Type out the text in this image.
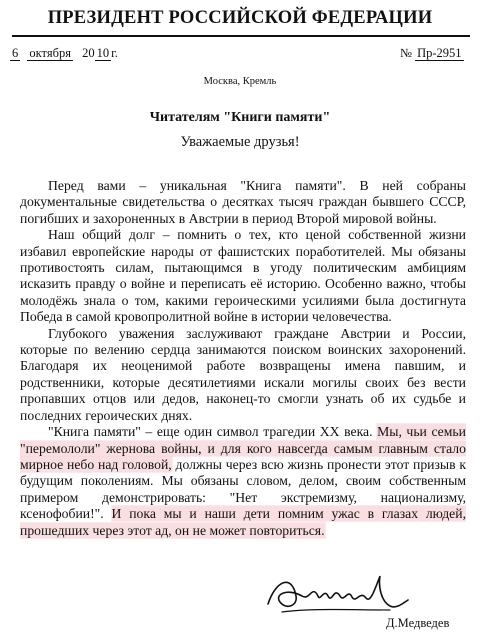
ПРЕЗИДЕНТ РОССИЙСКОЙ ФЕДЕРАЦИИ
6 октября 20 10 г.	№ Пр-2951
Москва, Кремль
Читателям "Книги памяти"
Уважаемые друзья!

Перед вами – уникальная "Книга памяти". В ней собраны документальные свидетельства о десятках тысяч граждан бывшего СССР, погибших и захороненных в Австрии в период Второй мировой войны.

Наш общий долг – помнить о тех, кто ценой собственной жизни избавил европейские народы от фашистских поработителей. Мы обязаны противостоять силам, пытающимся в угоду политическим амбициям исказить правду о войне и переписать её историю. Особенно важно, чтобы молодёжь знала о том, какими героическими усилиями была достигнута Победа в самой кровопролитной войне в истории человечества.

Глубокого уважения заслуживают граждане Австрии и России, которые по велению сердца занимаются поиском воинских захоронений. Благодаря их неоценимой работе возвращены имена павшим, и родственники, которые десятилетиями искали могилы своих без вести пропавших отцов или дедов, наконец-то смогли узнать об их судьбе и последних героических днях.

"Книга памяти" – еще один символ трагедии XX века. Мы, чьи семьи "перемололи" жернова войны, и для кого навсегда самым главным стало мирное небо над головой, должны через всю жизнь пронести этот призыв к будущим поколениям. Мы обязаны словом, делом, своим собственным примером демонстрировать: "Нет экстремизму, национализму, ксенофобии!". И пока мы и наши дети помним ужас в глазах людей, прошедших через этот ад, он не может повториться.

Д.Медведев
